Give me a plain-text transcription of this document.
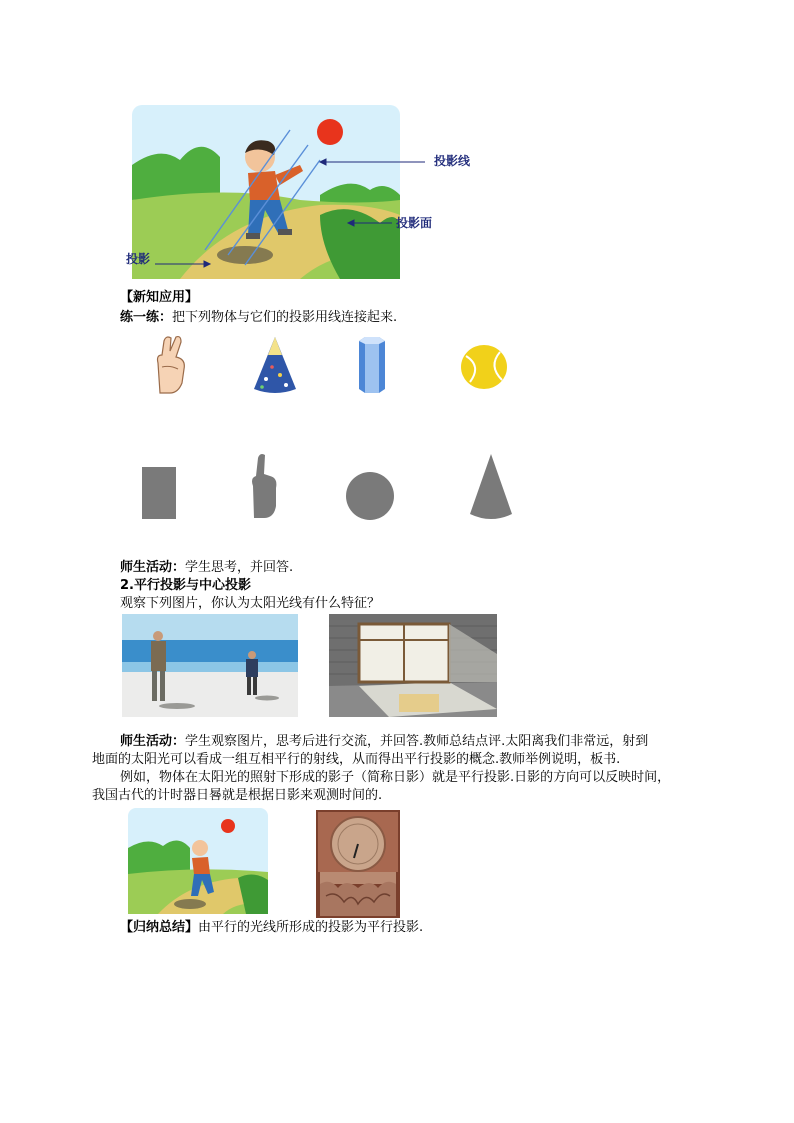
投影线
投影面
投影
【新知应用】
练一练：把下列物体与它们的投影用线连接起来.
师生活动：学生思考，并回答.
2.平行投影与中心投影
观察下列图片，你认为太阳光线有什么特征？
师生活动：学生观察图片，思考后进行交流，并回答.教师总结点评.太阳离我们非常远，射到
地面的太阳光可以看成一组互相平行的射线，从而得出平行投影的概念.教师举例说明，板书.
例如，物体在太阳光的照射下形成的影子（简称日影）就是平行投影.日影的方向可以反映时间，
我国古代的计时器日晷就是根据日影来观测时间的.
【归纳总结】由平行的光线所形成的投影为平行投影.
